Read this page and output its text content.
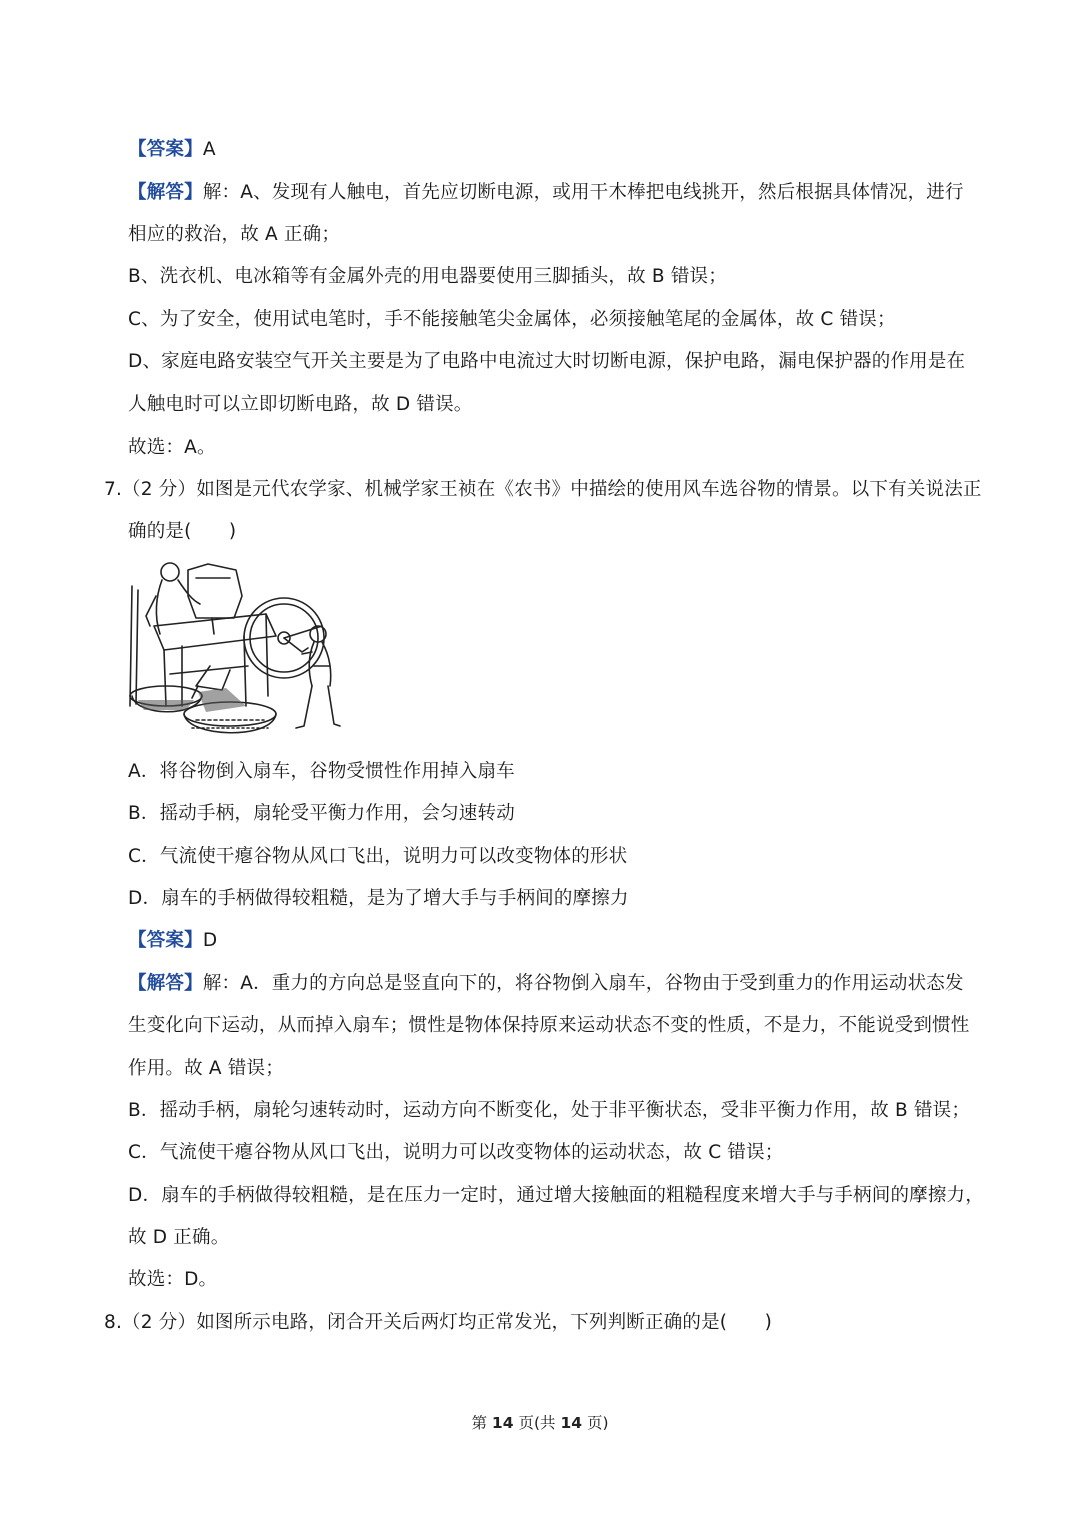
【答案】A
【解答】解：A、发现有人触电，首先应切断电源，或用干木棒把电线挑开，然后根据具体情况，进行
相应的救治，故 A 正确；
B、洗衣机、电冰箱等有金属外壳的用电器要使用三脚插头，故 B 错误；
C、为了安全，使用试电笔时，手不能接触笔尖金属体，必须接触笔尾的金属体，故 C 错误；
D、家庭电路安装空气开关主要是为了电路中电流过大时切断电源，保护电路，漏电保护器的作用是在
人触电时可以立即切断电路，故 D 错误。
故选：A。
7.（2 分）如图是元代农学家、机械学家王祯在《农书》中描绘的使用风车选谷物的情景。以下有关说法正
确的是(　　)
A．将谷物倒入扇车，谷物受惯性作用掉入扇车
B．摇动手柄，扇轮受平衡力作用，会匀速转动
C．气流使干瘪谷物从风口飞出，说明力可以改变物体的形状
D．扇车的手柄做得较粗糙，是为了增大手与手柄间的摩擦力
【答案】D
【解答】解：A．重力的方向总是竖直向下的，将谷物倒入扇车，谷物由于受到重力的作用运动状态发
生变化向下运动，从而掉入扇车；惯性是物体保持原来运动状态不变的性质，不是力，不能说受到惯性
作用。故 A 错误；
B．摇动手柄，扇轮匀速转动时，运动方向不断变化，处于非平衡状态，受非平衡力作用，故 B 错误；
C．气流使干瘪谷物从风口飞出，说明力可以改变物体的运动状态，故 C 错误；
D．扇车的手柄做得较粗糙，是在压力一定时，通过增大接触面的粗糙程度来增大手与手柄间的摩擦力，
故 D 正确。
故选：D。
8.（2 分）如图所示电路，闭合开关后两灯均正常发光，下列判断正确的是(　　)
第 14 页(共 14 页)
